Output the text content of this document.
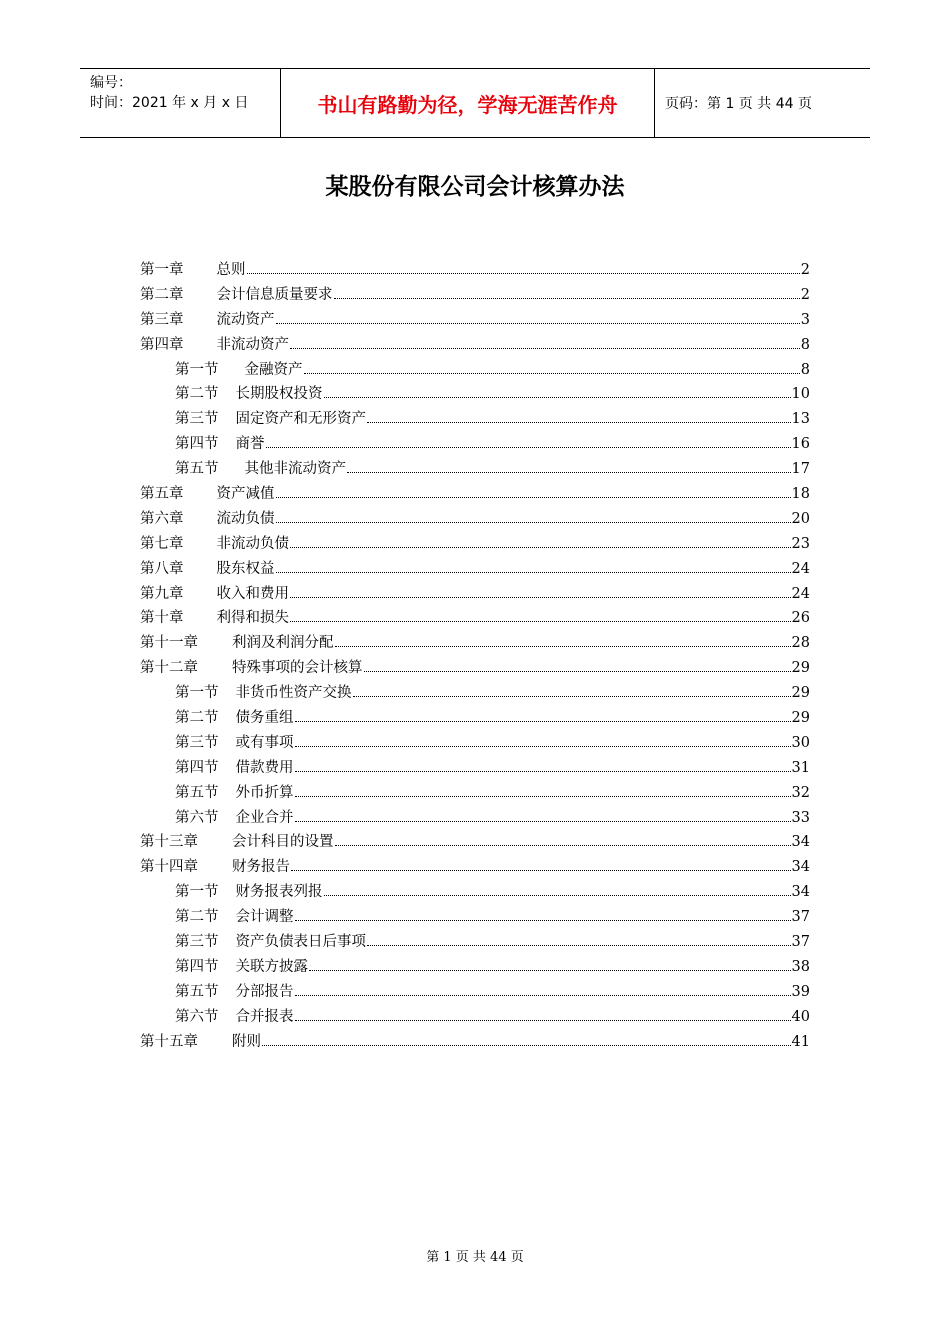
编号：
时间：2021 年 x 月 x 日	书山有路勤为径，学海无涯苦作舟	页码：第 1 页 共 44 页
某股份有限公司会计核算办法
第一章 总则	2
第二章 会计信息质量要求	2
第三章 流动资产	3
第四章 非流动资产	8
第一节 金融资产	8
第二节 长期股权投资	10
第三节 固定资产和无形资产	13
第四节 商誉	16
第五节 其他非流动资产	17
第五章 资产减值	18
第六章 流动负债	20
第七章 非流动负债	23
第八章 股东权益	24
第九章 收入和费用	24
第十章 利得和损失	26
第十一章 利润及利润分配	28
第十二章 特殊事项的会计核算	29
第一节 非货币性资产交换	29
第二节 债务重组	29
第三节 或有事项	30
第四节 借款费用	31
第五节 外币折算	32
第六节 企业合并	33
第十三章 会计科目的设置	34
第十四章 财务报告	34
第一节 财务报表列报	34
第二节 会计调整	37
第三节 资产负债表日后事项	37
第四节 关联方披露	38
第五节 分部报告	39
第六节 合并报表	40
第十五章 附则	41
第 1 页 共 44 页
